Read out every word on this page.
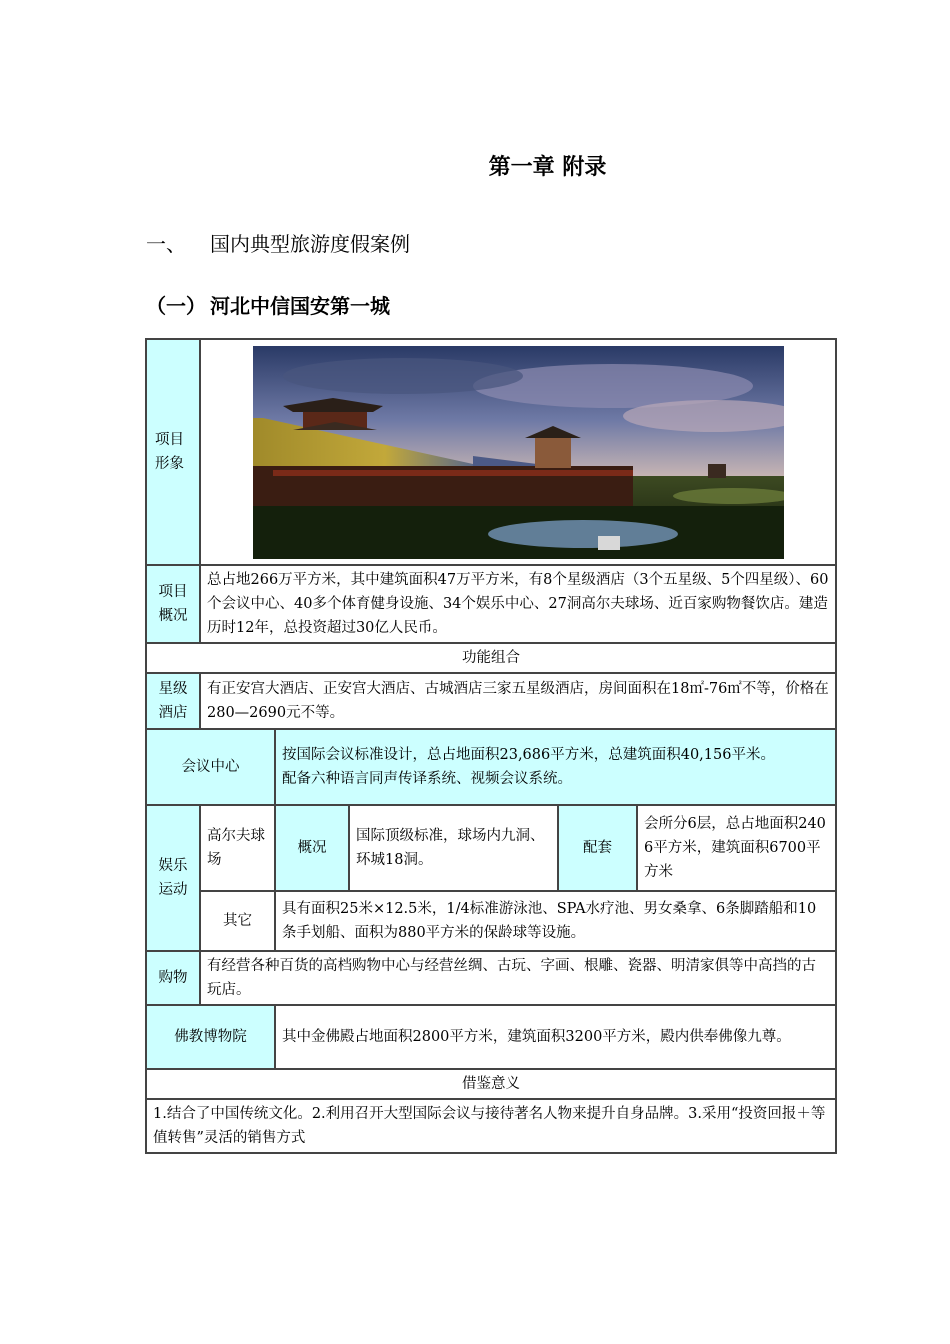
第一章 附录
一、	国内典型旅游度假案例
（一） 河北中信国安第一城
项目形象	

项目概况	总占地266万平方米，其中建筑面积47万平方米，有8个星级酒店（3个五星级、5个四星级）、60个会议中心、40多个体育健身设施、34个娱乐中心、27洞高尔夫球场、近百家购物餐饮店。建造历时12年，总投资超过30亿人民币。				
功能组合					
星级酒店	有正安宫大酒店、正安宫大酒店、古城酒店三家五星级酒店，房间面积在18㎡-76㎡不等，价格在280—2690元不等。				
会议中心		按国际会议标准设计，总占地面积23,686平方米，总建筑面积40,156平米。
配备六种语言同声传译系统、视频会议系统。			

娱乐运动	高尔夫球场	概况	国际顶级标准，球场内九洞、环城18洞。	配套	会所分6层，总占地面积2406平方米，建筑面积6700平方米
	其它	具有面积25米×12.5米，1/4标准游泳池、SPA水疗池、男女桑拿、6条脚踏船和10条手划船、面积为880平方米的保龄球等设施。			
购物	有经营各种百货的高档购物中心与经营丝绸、古玩、字画、根雕、瓷器、明清家俱等中高挡的古玩店。				
佛教博物院		其中金佛殿占地面积2800平方米，建筑面积3200平方米，殿内供奉佛像九尊。			
借鉴意义					
1.结合了中国传统文化。2.利用召开大型国际会议与接待著名人物来提升自身品牌。3.采用“投资回报＋等值转售”灵活的销售方式					
